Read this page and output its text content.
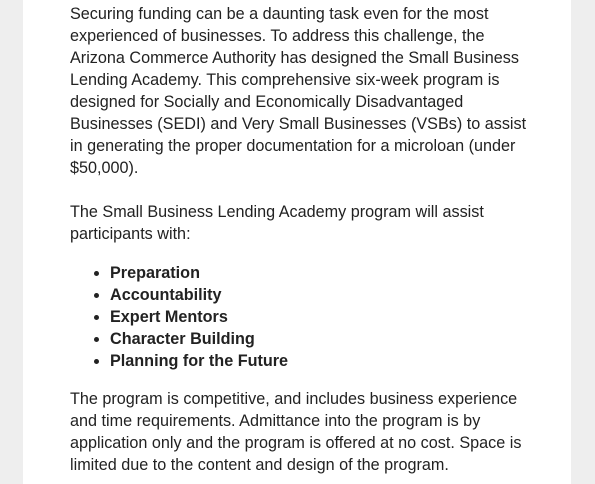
Securing funding can be a daunting task even for the most experienced of businesses. To address this challenge, the Arizona Commerce Authority has designed the Small Business Lending Academy. This comprehensive six-week program is designed for Socially and Economically Disadvantaged Businesses (SEDI) and Very Small Businesses (VSBs) to assist in generating the proper documentation for a microloan (under $50,000).

The Small Business Lending Academy program will assist participants with:

• Preparation
• Accountability
• Expert Mentors
• Character Building
• Planning for the Future

The program is competitive, and includes business experience and time requirements. Admittance into the program is by application only and the program is offered at no cost. Space is limited due to the content and design of the program.
